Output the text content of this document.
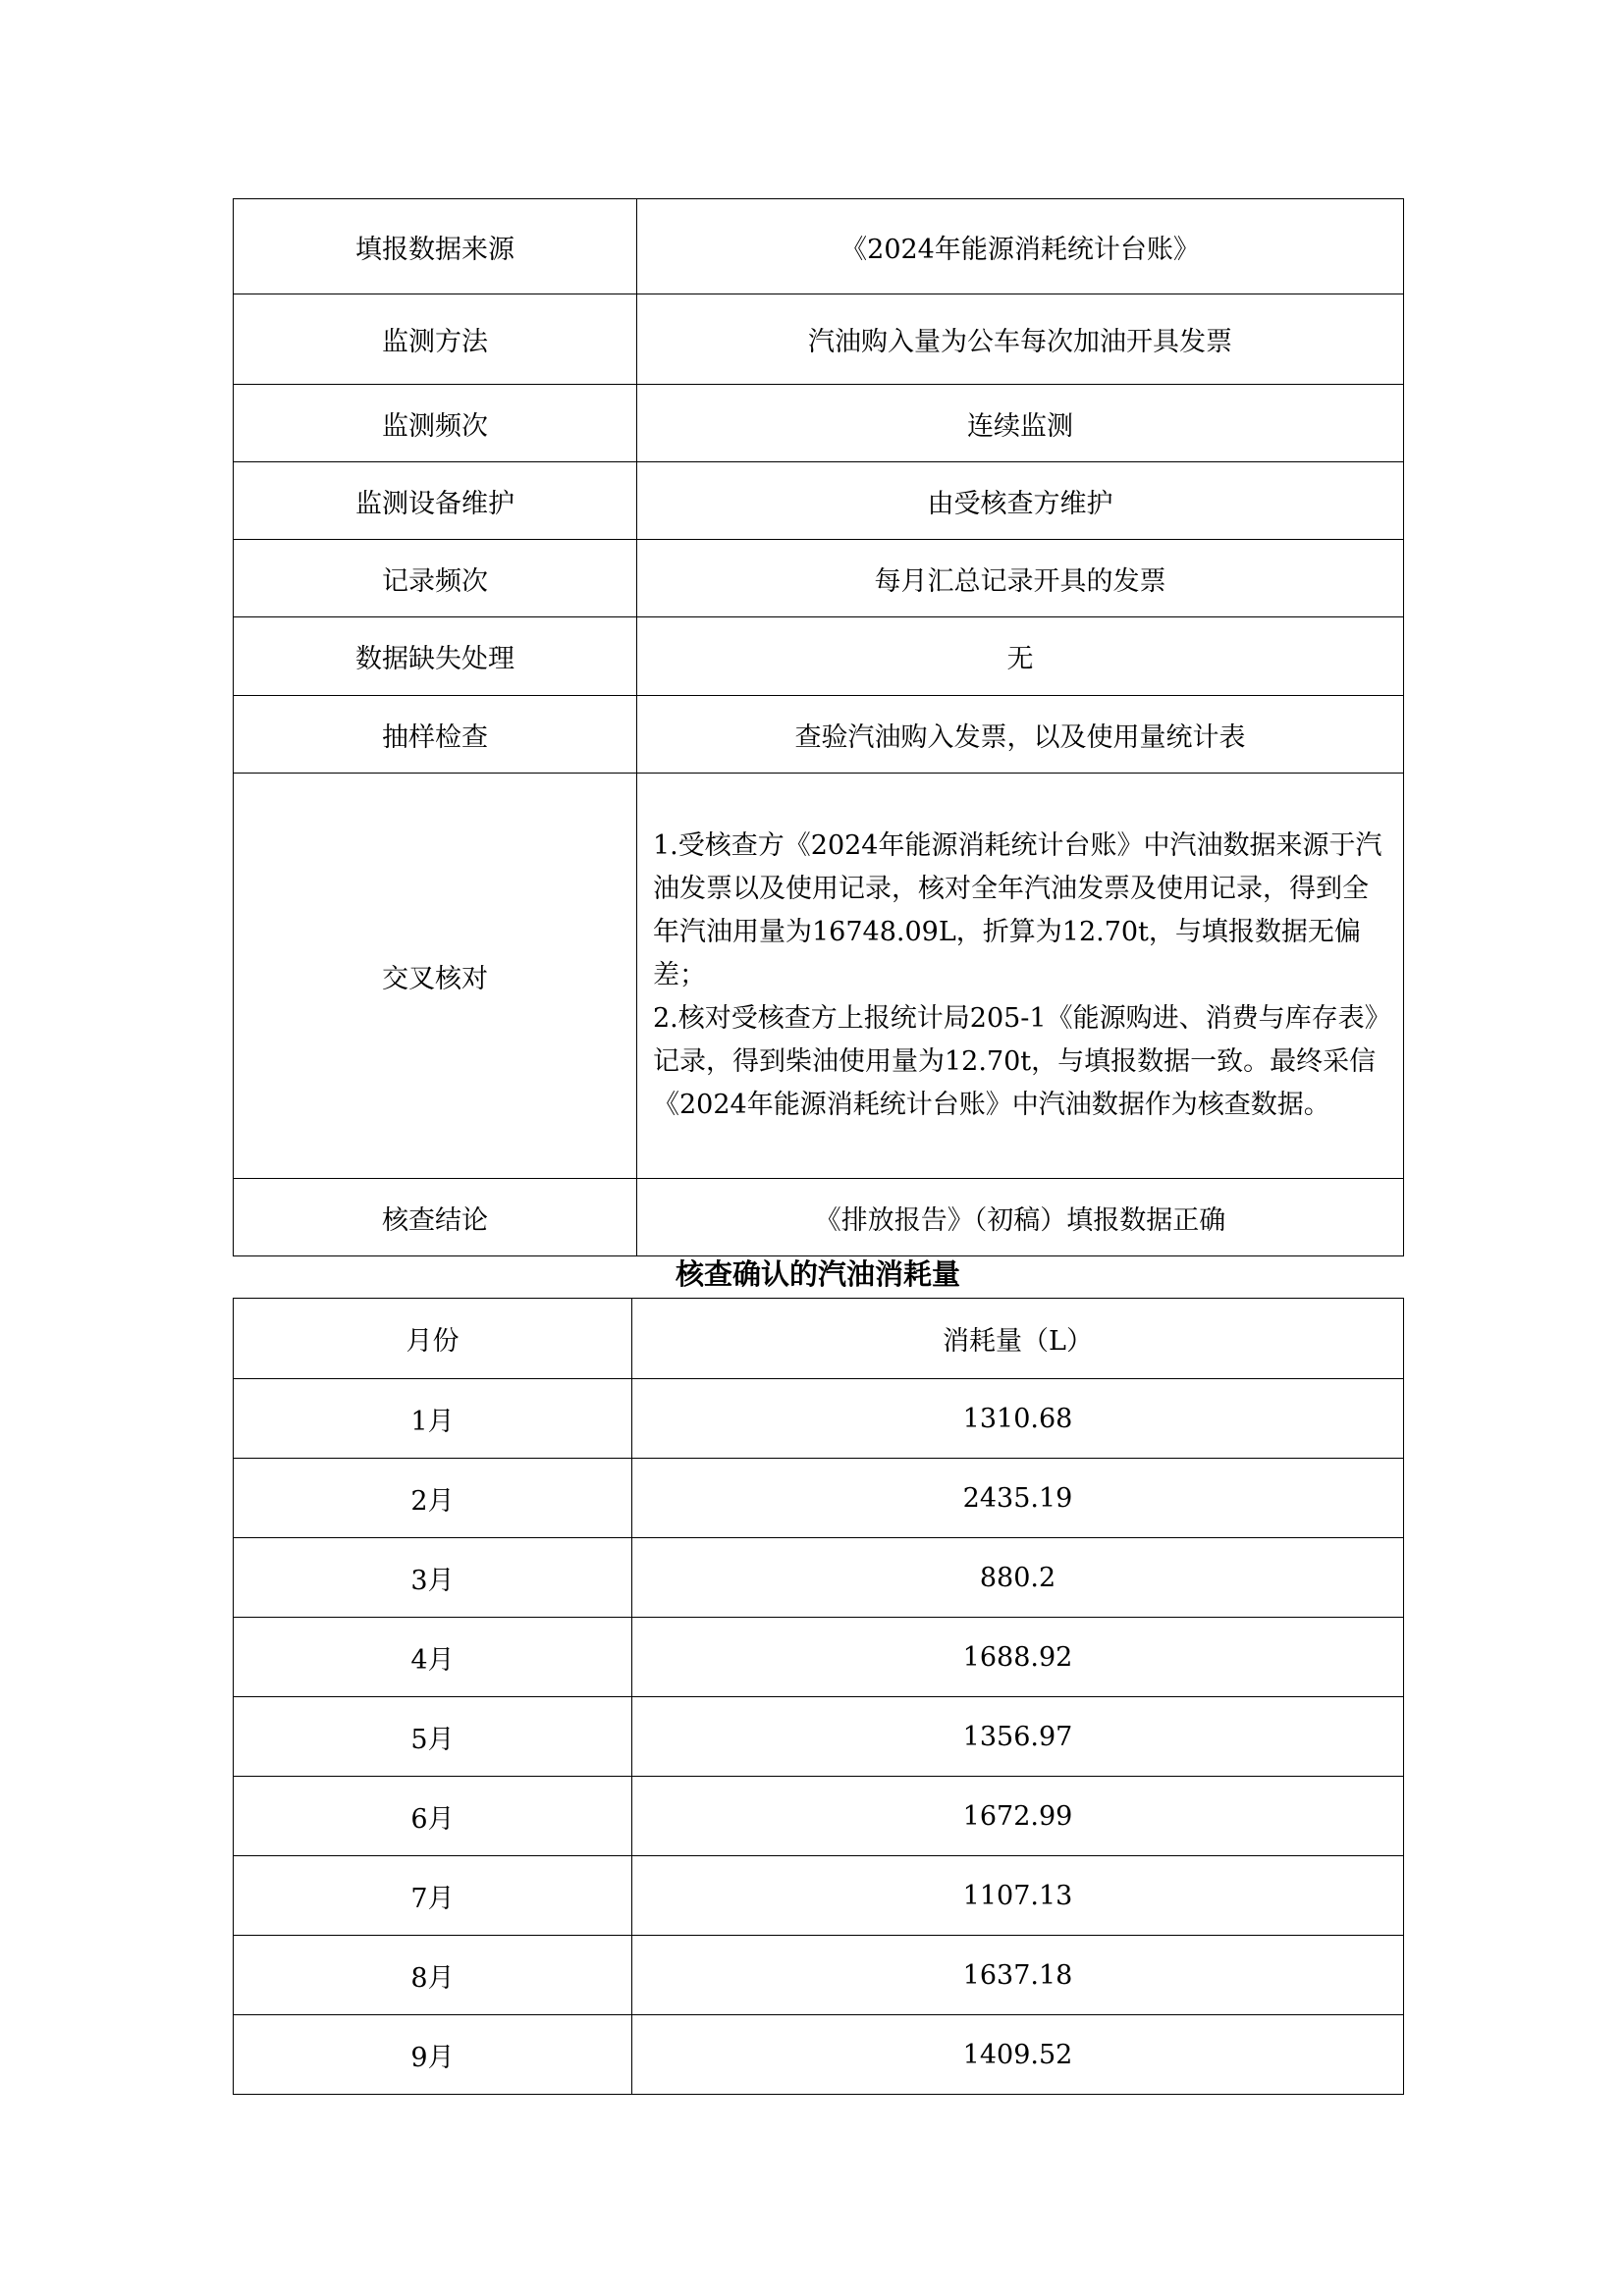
填报数据来源	《2024年能源消耗统计台账》
监测方法	汽油购入量为公车每次加油开具发票
监测频次	连续监测
监测设备维护	由受核查方维护
记录频次	每月汇总记录开具的发票
数据缺失处理	无
抽样检查	查验汽油购入发票，以及使用量统计表
交叉核对	1.受核查方《2024年能源消耗统计台账》中汽油数据来源于汽油发票以及使用记录，核对全年汽油发票及使用记录，得到全年汽油用量为16748.09L，折算为12.70t，与填报数据无偏差；

2.核对受核查方上报统计局205-1《能源购进、消费与库存表》记录，得到柴油使用量为12.70t，与填报数据一致。最终采信《2024年能源消耗统计台账》中汽油数据作为核查数据。

核查结论	《排放报告》（初稿）填报数据正确
核查确认的汽油消耗量
月份	消耗量（L）
1月	1310.68
2月	2435.19
3月	880.2
4月	1688.92
5月	1356.97
6月	1672.99
7月	1107.13
8月	1637.18
9月	1409.52
